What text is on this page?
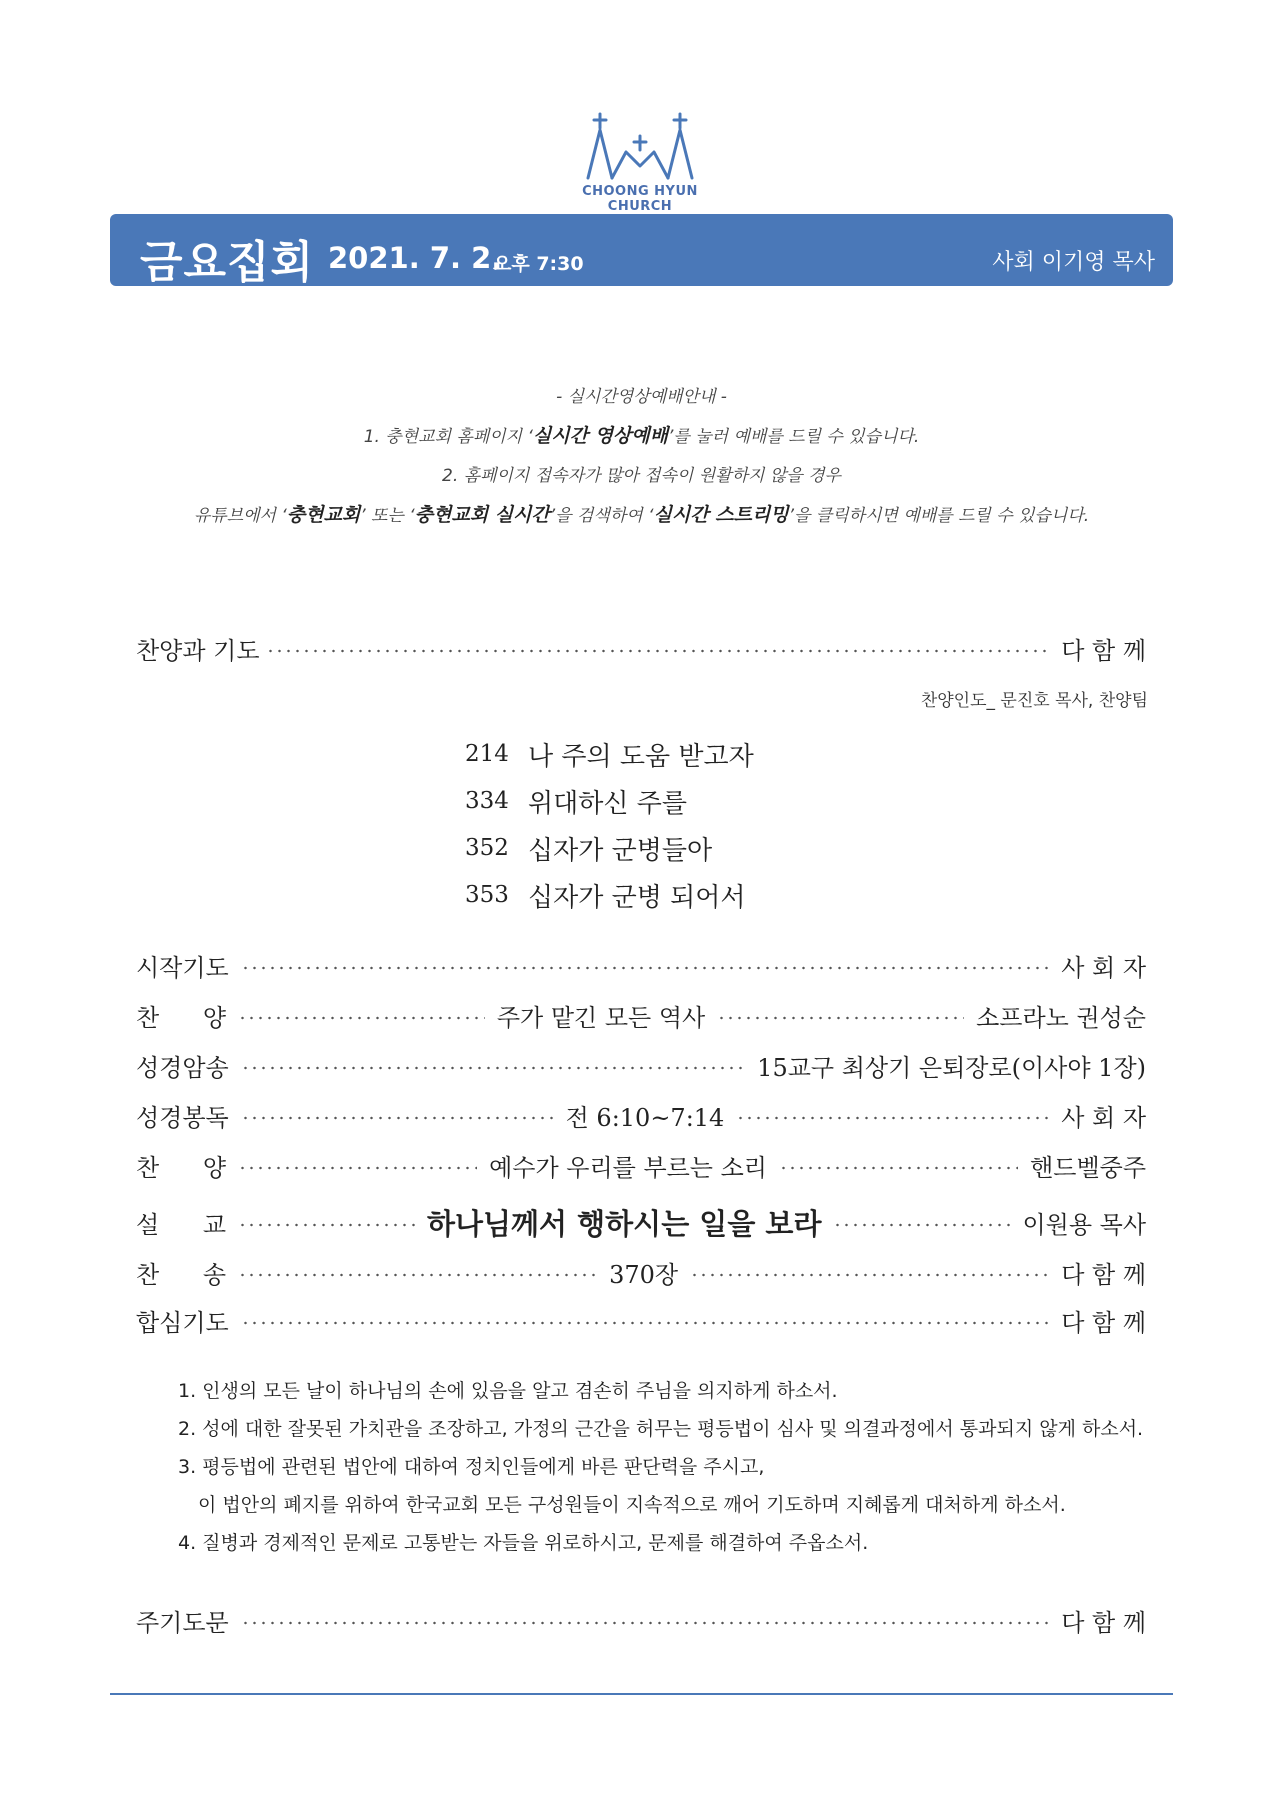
CHOONG HYUN CHURCH
금요집회 2021. 7. 2.
오후 7:30	사회 이기영 목사
- 실시간영상예배안내 -
1. 충현교회 홈페이지 ‘실시간 영상예배’를 눌러 예배를 드릴 수 있습니다.
2. 홈페이지 접속자가 많아 접속이 원활하지 않을 경우
유튜브에서 ‘충현교회’ 또는 ‘충현교회 실시간’을 검색하여 ‘실시간 스트리밍’을 클릭하시면 예배를 드릴 수 있습니다.
찬양과 기도	다 함 께
찬양인도_ 문진호 목사, 찬양팀
214 나 주의 도움 받고자
334 위대하신 주를
352 십자가 군병들아
353 십자가 군병 되어서
시작기도	사 회 자
찬 양	주가 맡긴 모든 역사	소프라노 권성순
성경암송	15교구 최상기 은퇴장로(이사야 1장)
성경봉독	전 6:10~7:14	사 회 자
찬 양	예수가 우리를 부르는 소리	핸드벨중주
설 교	하나님께서 행하시는 일을 보라	이원용 목사
찬 송	370장	다 함 께
합심기도	다 함 께
1. 인생의 모든 날이 하나님의 손에 있음을 알고 겸손히 주님을 의지하게 하소서.
2. 성에 대한 잘못된 가치관을 조장하고, 가정의 근간을 허무는 평등법이 심사 및 의결과정에서 통과되지 않게 하소서.
3. 평등법에 관련된 법안에 대하여 정치인들에게 바른 판단력을 주시고,
이 법안의 폐지를 위하여 한국교회 모든 구성원들이 지속적으로 깨어 기도하며 지혜롭게 대처하게 하소서.
4. 질병과 경제적인 문제로 고통받는 자들을 위로하시고, 문제를 해결하여 주옵소서.
주기도문	다 함 께
